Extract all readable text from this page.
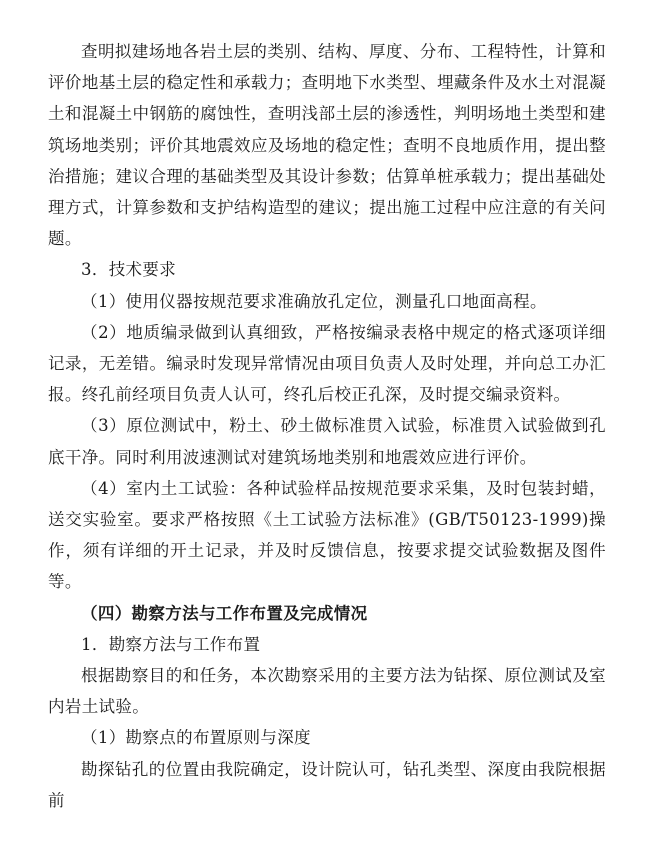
查明拟建场地各岩土层的类别、结构、厚度、分布、工程特性，计算和评价地基土层的稳定性和承载力；查明地下水类型、埋藏条件及水土对混凝土和混凝土中钢筋的腐蚀性，查明浅部土层的渗透性，判明场地土类型和建筑场地类别；评价其地震效应及场地的稳定性；查明不良地质作用，提出整治措施；建议合理的基础类型及其设计参数；估算单桩承载力；提出基础处理方式，计算参数和支护结构造型的建议；提出施工过程中应注意的有关问题。

3．技术要求

（1）使用仪器按规范要求准确放孔定位，测量孔口地面高程。

（2）地质编录做到认真细致，严格按编录表格中规定的格式逐项详细记录，无差错。编录时发现异常情况由项目负责人及时处理，并向总工办汇报。终孔前经项目负责人认可，终孔后校正孔深，及时提交编录资料。

（3）原位测试中，粉土、砂土做标准贯入试验，标准贯入试验做到孔底干净。同时利用波速测试对建筑场地类别和地震效应进行评价。

（4）室内土工试验：各种试验样品按规范要求采集，及时包装封蜡，送交实验室。要求严格按照《土工试验方法标准》(GB/T50123-1999)操作，须有详细的开土记录，并及时反馈信息，按要求提交试验数据及图件等。

（四）勘察方法与工作布置及完成情况

1．勘察方法与工作布置

根据勘察目的和任务，本次勘察采用的主要方法为钻探、原位测试及室内岩土试验。

（1）勘察点的布置原则与深度

勘探钻孔的位置由我院确定，设计院认可，钻孔类型、深度由我院根据前
